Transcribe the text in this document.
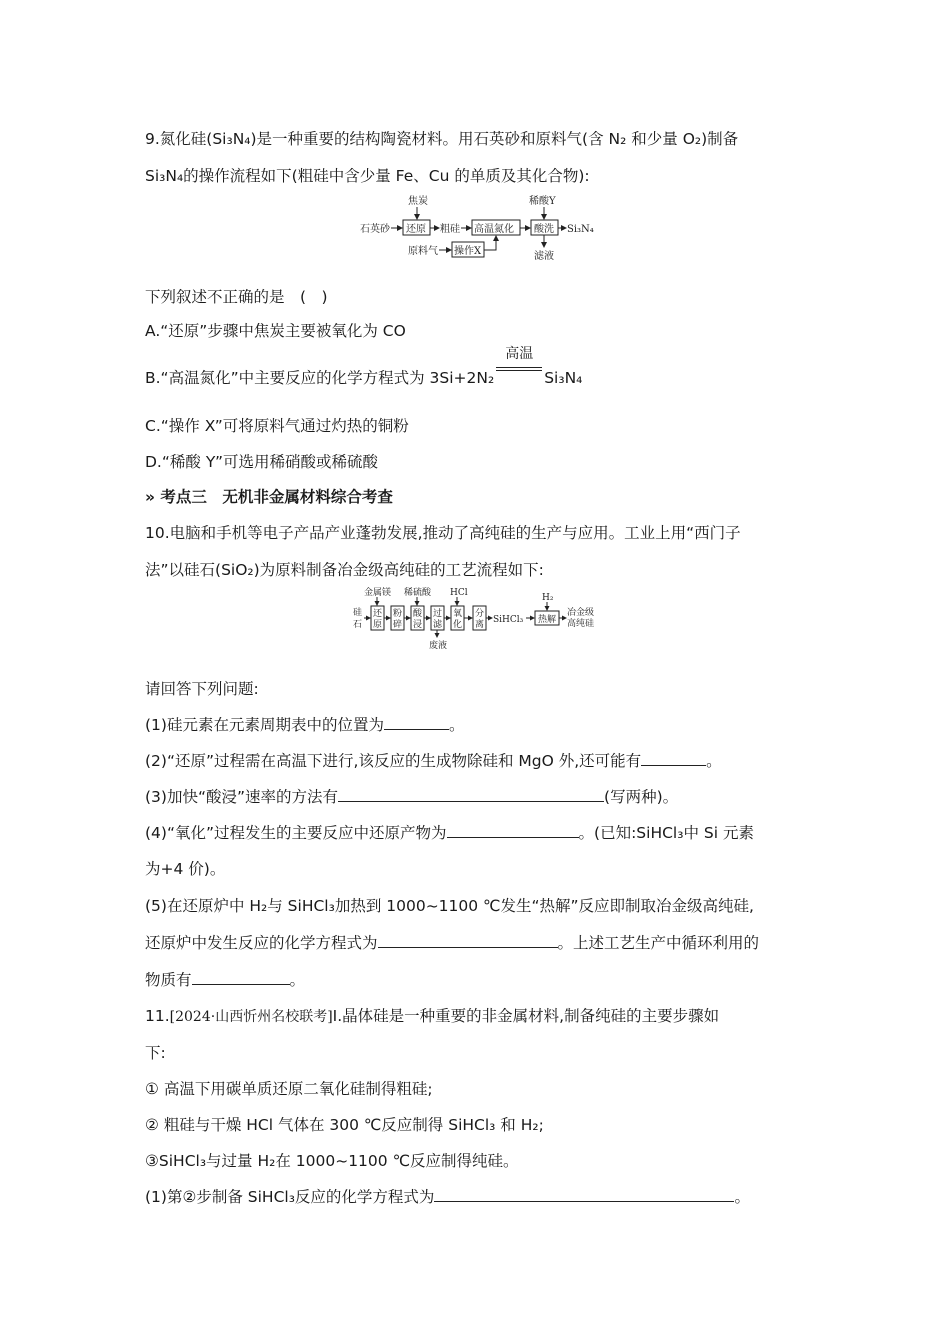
9.氮化硅(Si₃N₄)是一种重要的结构陶瓷材料。用石英砂和原料气(含 N₂ 和少量 O₂)制备
Si₃N₄的操作流程如下(粗硅中含少量 Fe、Cu 的单质及其化合物):
石英砂 还原
焦炭
粗硅 高温氮化 酸洗
稀酸Y
Si₃N₄
滤液
原料气 操作X
下列叙述不正确的是　(　)
A.“还原”步骤中焦炭主要被氧化为 CO
B.“高温氮化”中主要反应的化学方程式为 3Si+2N₂
高温
Si₃N₄
C.“操作 X”可将原料气通过灼热的铜粉
D.“稀酸 Y”可选用稀硝酸或稀硫酸
» 考点三　无机非金属材料综合考查
10.电脑和手机等电子产品产业蓬勃发展,推动了高纯硅的生产与应用。工业上用“西门子
法”以硅石(SiO₂)为原料制备冶金级高纯硅的工艺流程如下:
硅
石
还
原
金属镁
粉
碎
酸
浸
稀硫酸
过
滤
废液
氧
化
HCl
分
离 SiHCl₃ 热解
H₂
冶金级
高纯硅
请回答下列问题:
(1)硅元素在元素周期表中的位置为	。
(2)“还原”过程需在高温下进行,该反应的生成物除硅和 MgO 外,还可能有	。
(3)加快“酸浸”速率的方法有	(写两种)。
(4)“氧化”过程发生的主要反应中还原产物为	。(已知:SiHCl₃中 Si 元素
为+4 价)。
(5)在还原炉中 H₂与 SiHCl₃加热到 1000~1100 ℃发生“热解”反应即制取冶金级高纯硅,
还原炉中发生反应的化学方程式为	。上述工艺生产中循环利用的
物质有	。
11.[2024·山西忻州名校联考]Ⅰ.晶体硅是一种重要的非金属材料,制备纯硅的主要步骤如
下:
① 高温下用碳单质还原二氧化硅制得粗硅;
② 粗硅与干燥 HCl 气体在 300 ℃反应制得 SiHCl₃ 和 H₂;
③SiHCl₃与过量 H₂在 1000~1100 ℃反应制得纯硅。
(1)第②步制备 SiHCl₃反应的化学方程式为	。
